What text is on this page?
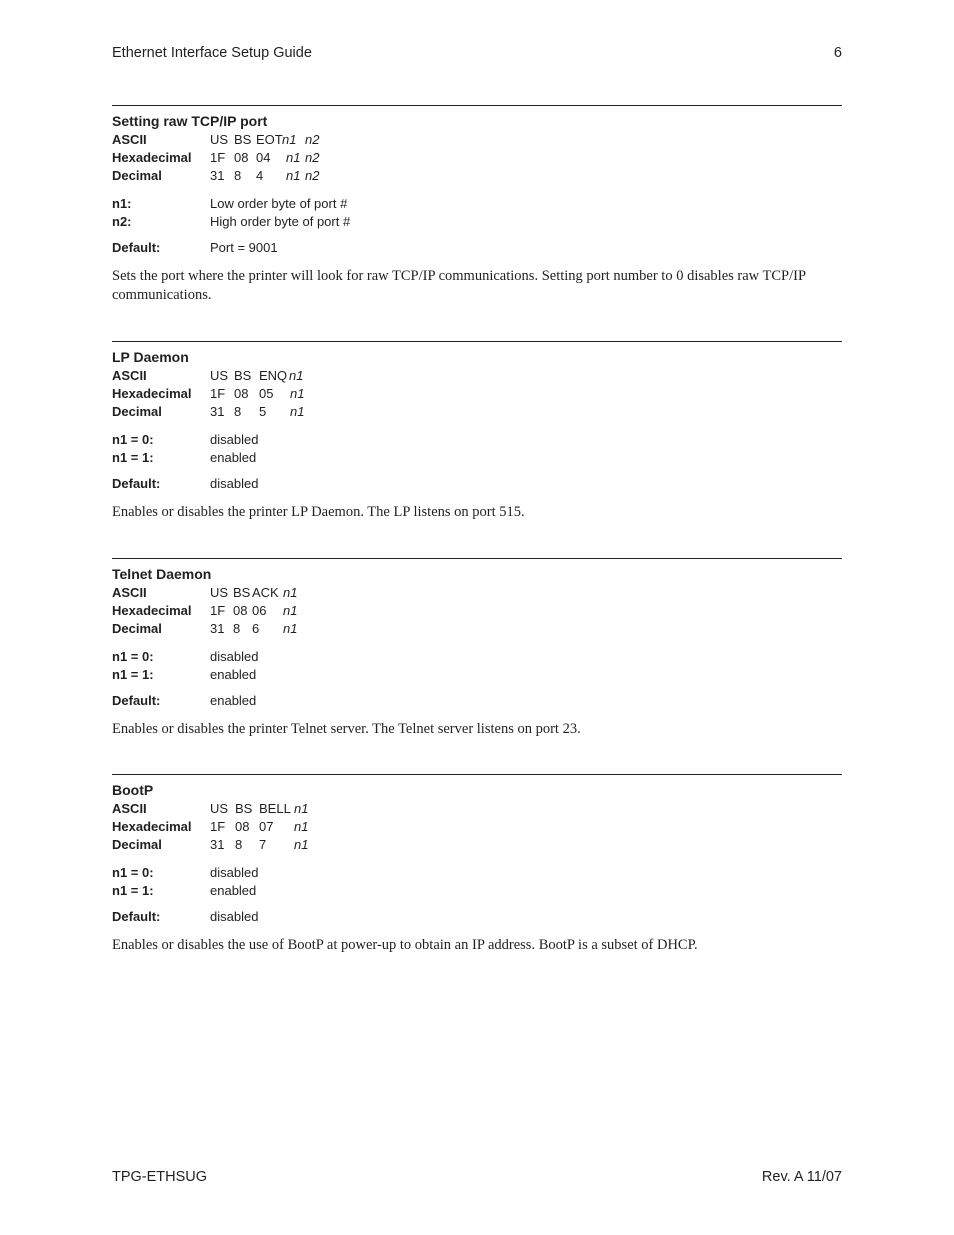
Ethernet Interface Setup Guide	6
Setting raw TCP/IP port
ASCII	US BS EOT n1 n2
Hexadecimal 1F 08 04 n1 n2
Decimal	31 8 4 n1 n2
n1:	Low order byte of port #
n2:	High order byte of port #
Default:	Port = 9001
Sets the port where the printer will look for raw TCP/IP communications. Setting port number to 0 disables raw TCP/IP communications.
LP Daemon
ASCII	US BS ENQ n1
Hexadecimal 1F 08 05 n1
Decimal	31 8 5 n1
n1 = 0:	disabled
n1 = 1:	enabled
Default:	disabled
Enables or disables the printer LP Daemon. The LP listens on port 515.
Telnet Daemon
ASCII	US BS ACK n1
Hexadecimal 1F 08 06 n1
Decimal	31 8 6 n1
n1 = 0:	disabled
n1 = 1:	enabled
Default:	enabled
Enables or disables the printer Telnet server. The Telnet server listens on port 23.
BootP
ASCII	US BS BELL n1
Hexadecimal 1F 08 07 n1
Decimal	31 8 7 n1
n1 = 0:	disabled
n1 = 1:	enabled
Default:	disabled
Enables or disables the use of BootP at power-up to obtain an IP address. BootP is a subset of DHCP.
TPG-ETHSUG	Rev. A 11/07
